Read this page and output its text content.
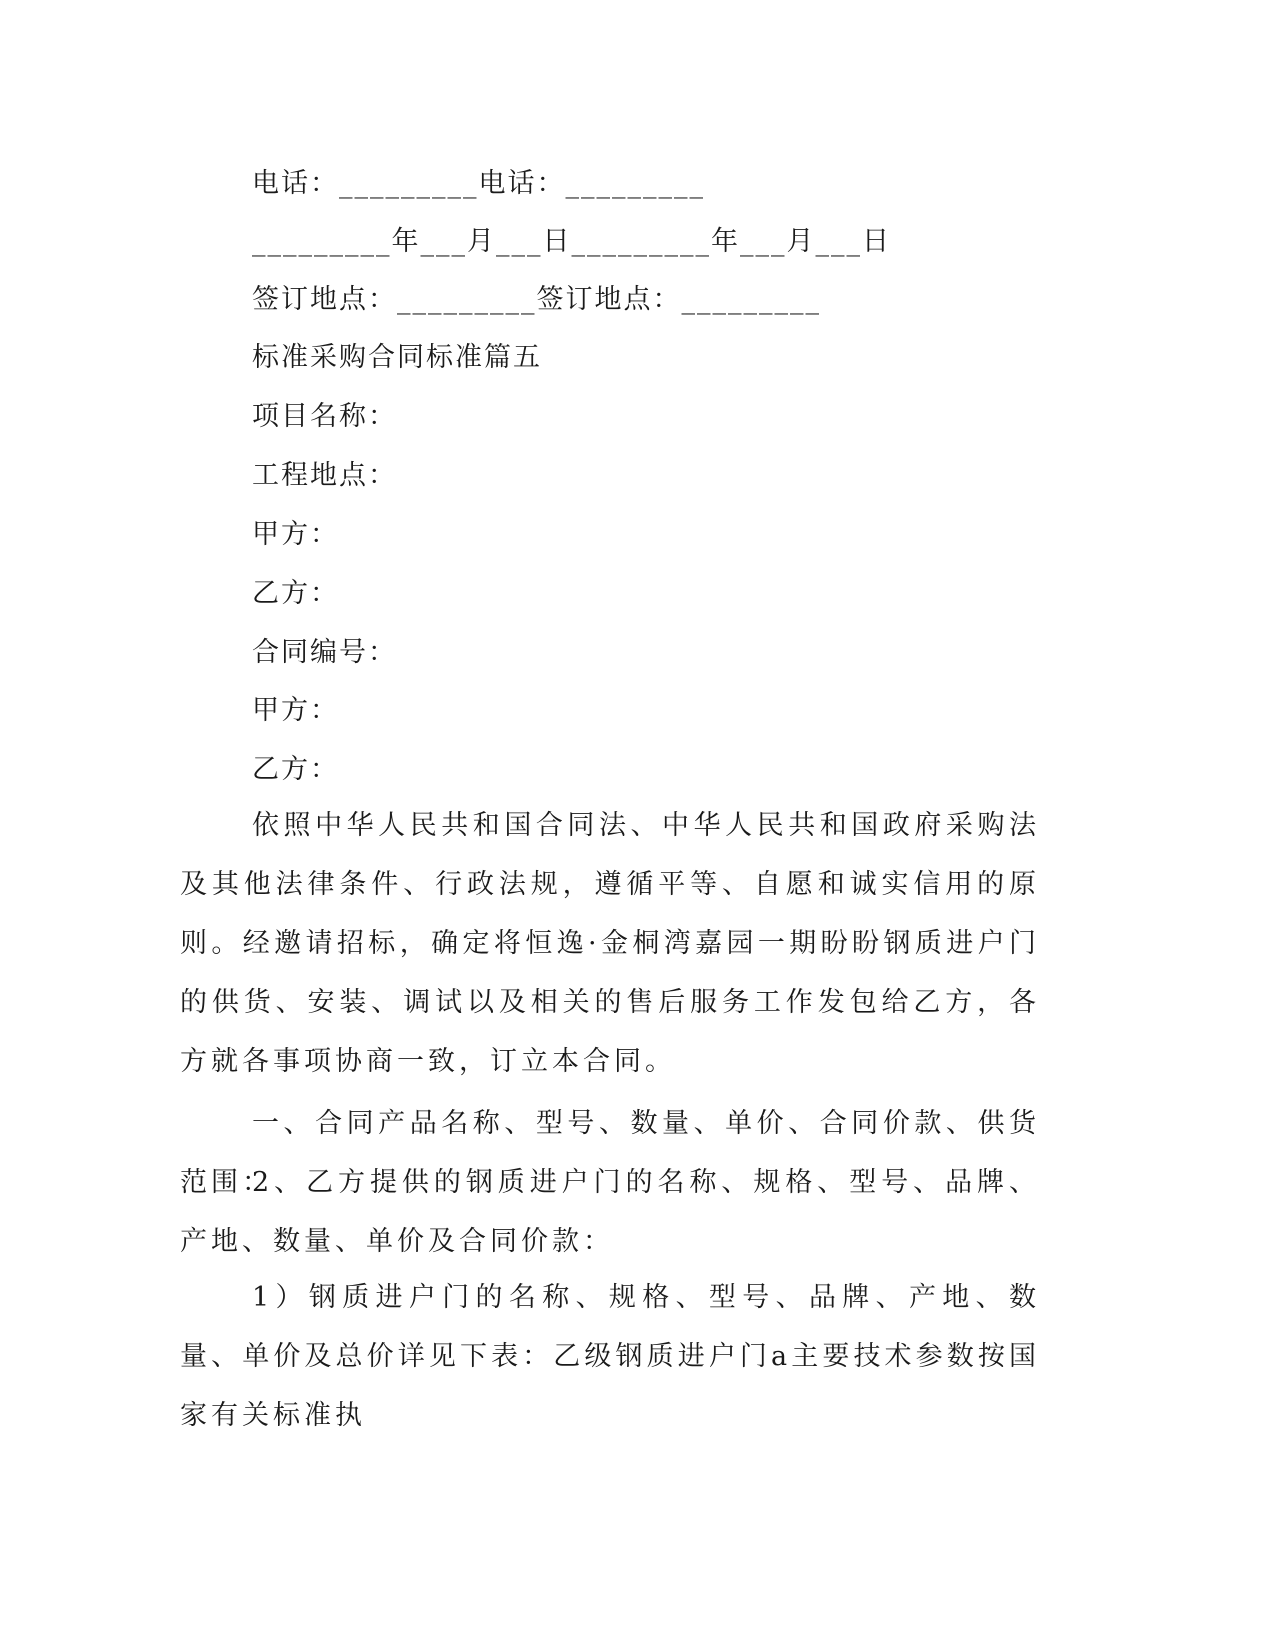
电话：_________电话：_________
_________年___月___日_________年___月___日
签订地点：_________签订地点：_________
标准采购合同标准篇五
项目名称：
工程地点：
甲方：
乙方：
合同编号：
甲方：
乙方：
依照中华人民共和国合同法、中华人民共和国政府采购法及其他法律条件、行政法规，遵循平等、自愿和诚实信用的原则。经邀请招标，确定将恒逸·金桐湾嘉园一期盼盼钢质进户门的供货、安装、调试以及相关的售后服务工作发包给乙方，各方就各事项协商一致，订立本合同。
一、合同产品名称、型号、数量、单价、合同价款、供货范围：
2、乙方提供的钢质进户门的名称、规格、型号、品牌、产地、数量、单价及合同价款：
1）钢质进户门的名称、规格、型号、品牌、产地、数量、单价及总价详见下表：乙级钢质进户门a主要技术参数按国家有关标准执
